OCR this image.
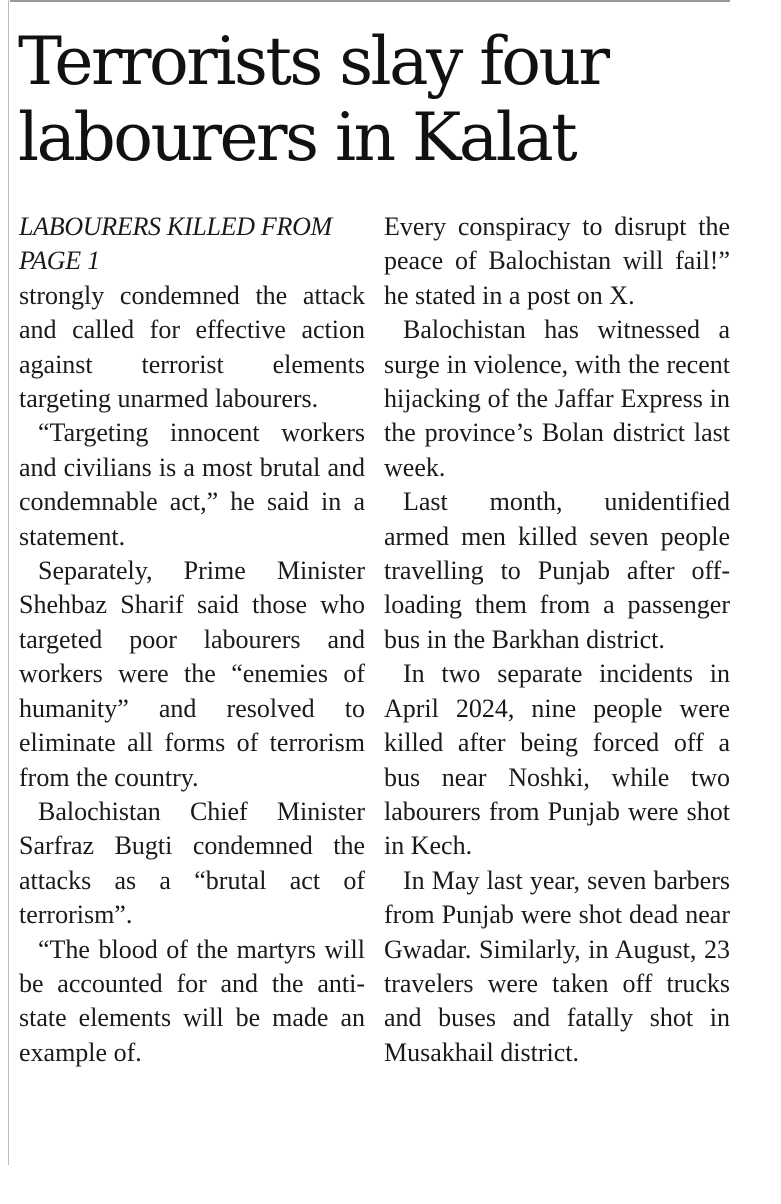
Terrorists slay four labourers in Kalat

LABOURERS KILLED FROM PAGE 1

strongly condemned the attack and called for effective action against terrorist elements targeting unarmed labourers.

“Targeting innocent workers and civilians is a most brutal and condemnable act,” he said in a statement.

Separately, Prime Minister Shehbaz Sharif said those who targeted poor labourers and workers were the “enemies of humanity” and resolved to eliminate all forms of terrorism from the country.

Balochistan Chief Minister Sarfraz Bugti condemned the attacks as a “brutal act of terrorism”.

“The blood of the martyrs will be accounted for and the anti-state elements will be made an example of.

Every conspiracy to disrupt the peace of Balochistan will fail!” he stated in a post on X.

Balochistan has witnessed a surge in violence, with the recent hijacking of the Jaffar Express in the province’s Bolan district last week.

Last month, unidentified armed men killed seven people travelling to Punjab after off-loading them from a passenger bus in the Barkhan district.

In two separate incidents in April 2024, nine people were killed after being forced off a bus near Noshki, while two labourers from Punjab were shot in Kech.

In May last year, seven barbers from Punjab were shot dead near Gwadar. Similarly, in August, 23 travelers were taken off trucks and buses and fatally shot in Musakhail district.
